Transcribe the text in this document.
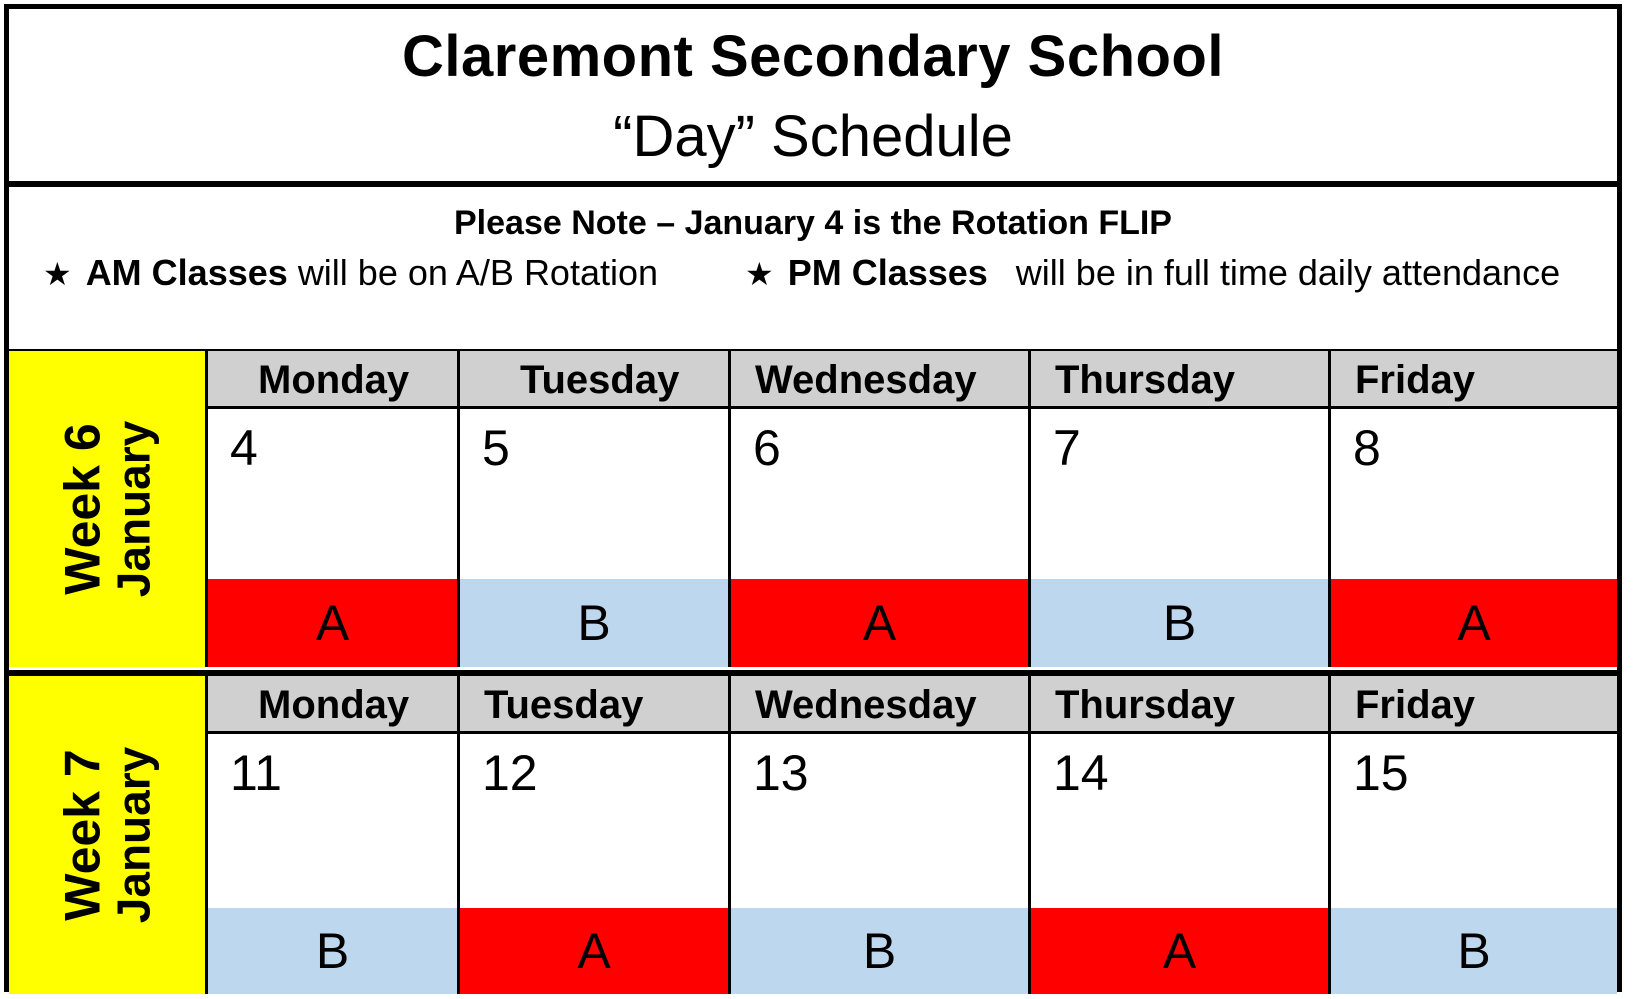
Claremont Secondary School
“Day” Schedule
Please Note – January 4 is the Rotation FLIP
★ AM Classes will be on A/B Rotation	★ PM Classes will be in full time daily attendance
Week 6
January
Monday
4
A
Tuesday
5
B
Wednesday
6
A
Thursday
7
B
Friday
8
A
Week 7
January
Monday
11
B
Tuesday
12
A
Wednesday
13
B
Thursday
14
A
Friday
15
B
